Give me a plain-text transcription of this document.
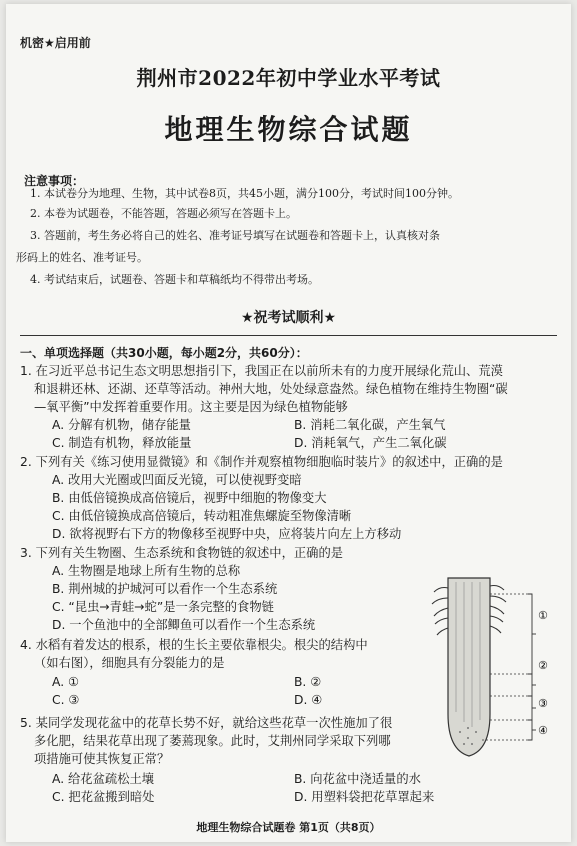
机密★启用前
荆州市2022年初中学业水平考试
地理生物综合试题
注意事项：
1. 本试卷分为地理、生物，其中试卷8页，共45小题，满分100分，考试时间100分钟。
2. 本卷为试题卷，不能答题，答题必须写在答题卡上。
3. 答题前，考生务必将自己的姓名、准考证号填写在试题卷和答题卡上，认真核对条
形码上的姓名、准考证号。
4. 考试结束后，试题卷、答题卡和草稿纸均不得带出考场。
★祝考试顺利★
一、单项选择题（共30小题，每小题2分，共60分）：
1. 在习近平总书记生态文明思想指引下，我国正在以前所未有的力度开展绿化荒山、荒漠
和退耕还林、还湖、还草等活动。神州大地，处处绿意盎然。绿色植物在维持生物圈“碳
—氧平衡”中发挥着重要作用。这主要是因为绿色植物能够
A. 分解有机物，储存能量	B. 消耗二氧化碳，产生氧气
C. 制造有机物，释放能量	D. 消耗氧气，产生二氧化碳
2. 下列有关《练习使用显微镜》和《制作并观察植物细胞临时装片》的叙述中，正确的是
A. 改用大光圈或凹面反光镜，可以使视野变暗
B. 由低倍镜换成高倍镜后，视野中细胞的物像变大
C. 由低倍镜换成高倍镜后，转动粗准焦螺旋至物像清晰
D. 欲将视野右下方的物像移至视野中央，应将装片向左上方移动
3. 下列有关生物圈、生态系统和食物链的叙述中，正确的是
A. 生物圈是地球上所有生物的总称
B. 荆州城的护城河可以看作一个生态系统
C. “昆虫→青蛙→蛇”是一条完整的食物链
D. 一个鱼池中的全部鲫鱼可以看作一个生态系统
4. 水稻有着发达的根系，根的生长主要依靠根尖。根尖的结构中
（如右图），细胞具有分裂能力的是
A. ①	B. ②
C. ③	D. ④
5. 某同学发现花盆中的花草长势不好，就给这些花草一次性施加了很
多化肥，结果花草出现了萎蔫现象。此时，艾荆州同学采取下列哪
项措施可使其恢复正常？
A. 给花盆疏松土壤	B. 向花盆中浇适量的水
C. 把花盆搬到暗处	D. 用塑料袋把花草罩起来
①
②
③
④
地理生物综合试题卷 第1页（共8页）
